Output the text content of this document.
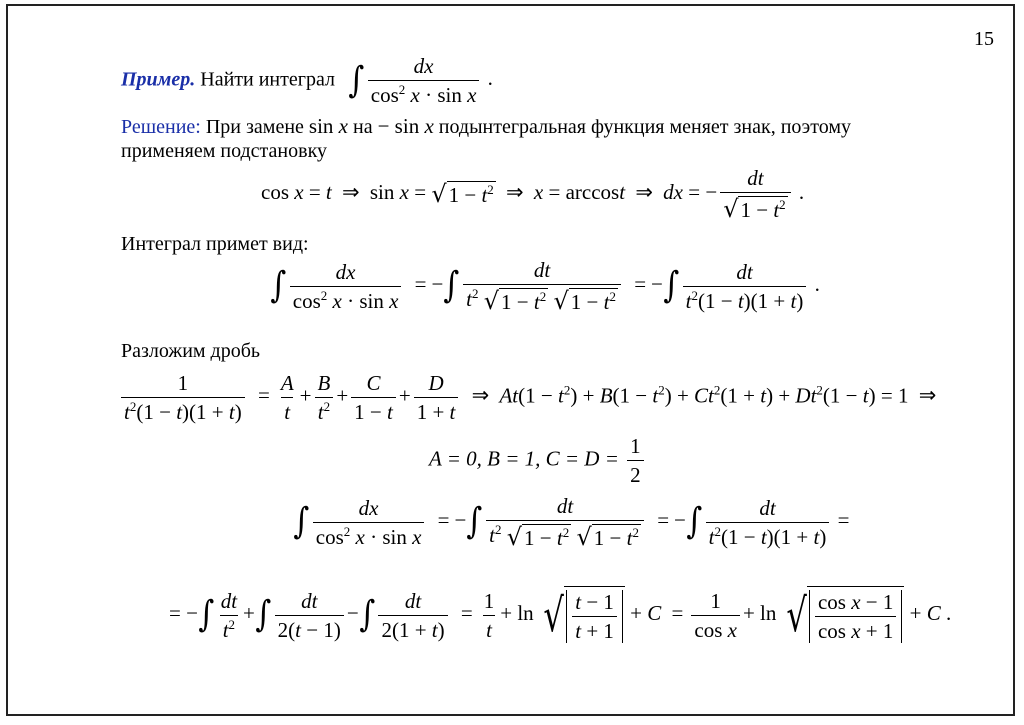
15
Пример. Найти интеграл ∫ $\frac{dx}{\cos^2 x \cdot \sin x}$ .
Решение: При замене sin x на − sin x подынтегральная функция меняет знак, поэтому
применяем подстановку
cos x = t ⇒ sin x = √ $1 - t^2$ ⇒ x = arccost ⇒ dx = − $\frac{dt}{√ 1 - t^2}$ .
Интеграл примет вид:
∫ $\frac{dx}{\cos^2 x \cdot \sin x}$ = −∫ dt
$t^2$ √ $1 - t^2$
√ $1 - t^2$ = −∫ $\frac{dt}{t^2(1 - t)(1 + t)}$ .
Разложим дробь
$\frac{1}{t^2(1 - t)(1 + t)} = \frac{A}{t} + \frac{B}{t^2} + \frac{C}{1 - t} + \frac{D}{1 + t}$ ⇒ $At(1 - t^2) + B(1 - t^2) + Ct^2(1 + t) + Dt^2(1 - t) = 1$ ⇒
A = 0, B = 1, $C = D = \frac{1}{2}$
∫ $\frac{dx}{\cos^2 x \cdot \sin x}$ = −∫ dt
$t^2$ √ $1 - t^2$
√ $1 - t^2$ = −∫ $\frac{dt}{t^2(1 - t)(1 + t)}$ =
= −∫ $\frac{dt}{t^2}$ +∫ $\frac{dt}{2(t - 1)}$ −∫ $\frac{dt}{2(1 + t)} = \frac{1}{t} + \ln$ √ $\frac{t - 1}{t + 1} + C = \frac{1}{\text{cos x}} + \ln$ √ $\frac{\text{cos x − 1}}{\text{cos x + 1}} + C$ .
